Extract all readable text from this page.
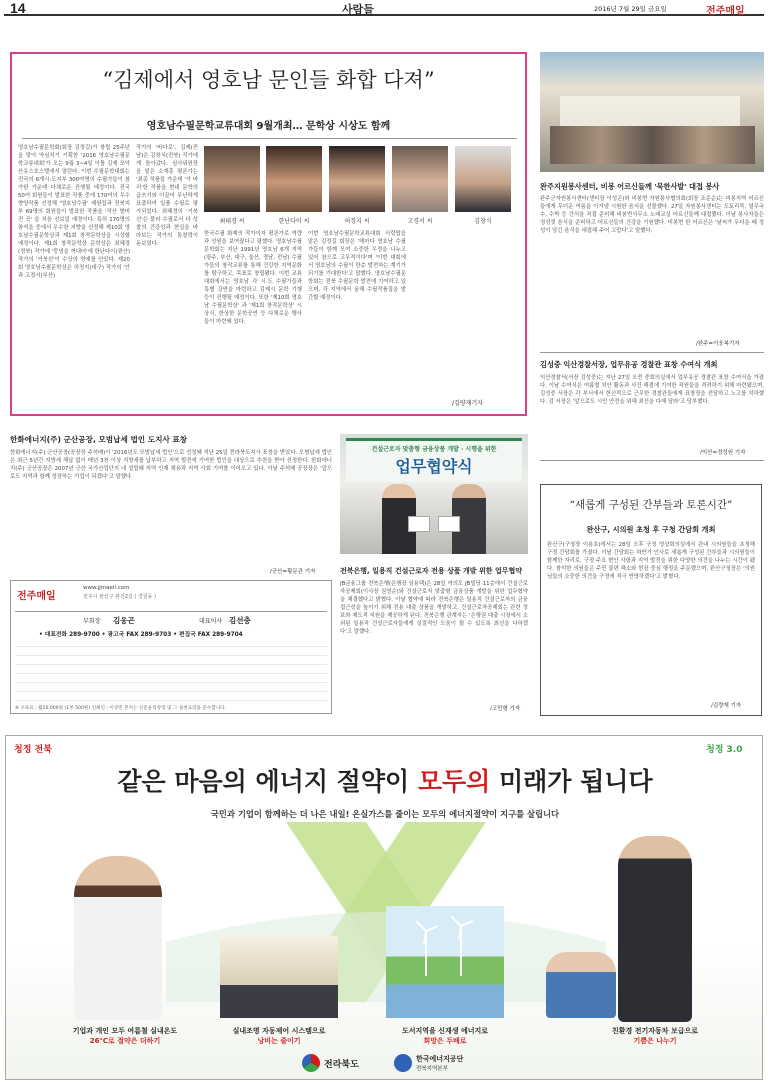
14	사람들	2016년 7월 29일 금요일	전주매일
“김제에서 영호남 문인들 화합 다져”
영호남수필문학교류대회 9월개최… 문학상 시상도 함께
영호남수필문학회(회장 김정길)가 창립 25주년을 맞아 약심처기 기획한 '2016 영호남수필문학교류대회'가 오는 9월 3~4일 이틀 김제 모악산유스호스텔에서 열린다. 이번 수필문학대회는 전국의 6개시·도지부 300여명의 수필가들이 참가한 가운데 다채로운 진행될 예정이다. 전국 50여 회원들이 발표한 작품 중에 170여의 우수 향양작품 선정해 '영호남수필' 제원집과 전북지부 69명의 회원들이 발표한 작품을 '작산 밭머 전 곳' 을 처음 선보일 예정이다. 특히 170명의 참석을 중에서 우수한 지향을 선정해 제10회 영호남수필문학상과 제1회 창작문학상을 시상할 예정이다. 제1회 창작문학상 문학상은 최혜경(경북) 작가에 '뚱냉을 꺼내어'에 한난다이(광산) 작가의 '거북선'이 수상의 영예를 안았다. 제20회 영호남수필문학상은 허정지(대구) 작가의 '안과 고경서(부산)
작가의 '바다로', 김제(전남)은 김창식(전북) 작가에게 돌아갔다. 심사위원장을 맡은 소재훈 평론가는 '최종 작품들 가운데 '가 바리'한 작품을 현대 문학의 글쓰기와 이끌어 무난하게 표출하여 일품 수필로 평가되었다. 최혜경의 '거북선'은 물러 수필로서 다 성찰의 건강성과 현실을 바라보는 작가의 통찰력이 돋보였다.
최태경 씨	한난다이 씨	허정지 씨	고경서 씨	김창식
한국수필 화제의 작가이자 평론가로 역량과 성원을 보여줬다고 평했다. 영호남수필문학회는 지난 1991년 영호남 6개 지역(광주, 부산, 대구, 울산, 경남, 전남) 수필가들의 창작교류를 통해 건강한 지역문화를 탐구하고, 목표로 창립됐다. 이번 교류대회에서는 영호남 각 시·도 수필가들과 특별 강연을 마련하고 김제시 문학 기행 등이 진행될 예정이다. 또한 '제10회 영호남 수필문학상' 과 '제1회 창작문학상' 시상식, 한상한 문학공연 등 다채로운 행사들이 마련돼 있다.
이번 영호남수필문학교류대회 사령탑을 맡은 김정길 회장은 '해마다 영호남 수필가들이 함께 모여 소중한 우정을 나누고 있어 참으로 고무적이다'며 '이번 대회에서 영호남의 수필이 한층 발전하는 계기가 되기를 기대한다'고 말했다. 영호남수필문학회는 전북 수필문학 발전에 기여하고 있으며, 각 지역에서 올해 수필작품집을 발간할 예정이다.
/김량재기자
완주지원봉사센터, 비봉 어르신들께 '묵한사발' 대접 봉사
완주군자원봉사센터(센터장 이성곤)와 비봉면 자원봉사협의회(회장 조준순)는 비봉지역 어르신들에게 무더운 여름을 이겨낼 시원한 음식을 선물했다. 27일 자원봉사센터는 도토리묵, 열무국수, 수박 등 간식을 직접 준비해 비봉면사무소 노래교실 어르신들께 대접했다. 이날 봉사자들은 정성껏 음식을 준비하고 어르신들의 건강을 기원했다. 비봉면 한 어르신은 '날씨가 무더운 때 정성이 담긴 음식을 대접해 주어 고맙다'고 말했다.
/완주=이웅복기자
김성중 익산경찰서장, 업무유공 경찰관 표창 수여식 개최
익산경찰서(서장 김성중)는 지난 27일 오전 중회의실에서 업무유공 경찰관 표창 수여식을 가졌다. 이날 수여식은 여름철 치안 활동과 사건 해결에 기여한 직원들을 격려하기 위해 마련됐으며, 김성중 서장은 각 부서에서 헌신적으로 근무한 경찰관들에게 표창장을 전달하고 노고를 치하했다. 김 서장은 '앞으로도 시민 안전을 위해 최선을 다해 달라'고 당부했다.
/익산=정성원 기자
한화에너지(주) 군산공장, 모범납세 법인 도지사 표창
한화에너지(주) 군산공장(공장장 주석배)이 '2016년도 모범납세 법인'으로 선정돼 지난 25일 전라북도지사 표창을 받았다. 모범납세 법인은 최근 5년간 지방세 체납 없이 매년 3천 이상 지방세를 납부하고 지역 발전에 기여한 법인을 대상으로 추천을 받아 선정한다. 한화에너지(주) 군산공장은 2007년 군산 국가산업단지 내 설립돼 지역 인재 채용과 지역 사회 기여를 이어오고 있다. 이날 주석배 공장장은 '앞으로도 지역과 함께 성장하는 기업이 되겠다'고 말했다.
/군산=황문관 기자
전주매일
www.jjmaeil.com
전주시 완산구 관선2길 ( 경원동 )
부회장 김웅곤	대표이사 김선충
• 대표전화 289-9700 • 광고국 FAX 289-9703 • 편집국 FAX 289-9704
※ 구독료 : 월10,000원 (1부 500원) 인쇄인 : 이상민 본지는 신문윤리강령 및 그 실천요강을 준수합니다.
건설근로자 맞춤형 금융상품 개발 · 시행을 위한
업무협약식
전북은행, 일용직 건설근로자 전용 상품 개발 위한 업무협약
JB금융그룹 전북은행(은행장 임용택)은 28일 여의도 JB빌딩 11층에서 건설근로자공제회(이사장 권영순)와 건설근로자 맞춤형 금융상품 개발을 위한 업무협약을 체결했다고 밝혔다. 이날 협약에 따라 전북은행은 일용직 건설근로자의 금융 접근성을 높이기 위해 전용 대출 상품을 개발하고, 건설근로자공제회는 관련 정보와 제도적 지원을 제공하게 된다. 전북은행 관계자는 '은행권 대출 시장에서 소외된 일용직 건설근로자들에게 실질적인 도움이 될 수 있도록 최선을 다하겠다'고 말했다.
/고민형 기자
“새롭게 구성된 간부들과 토론시간”
완산구, 시의원 초청 후 구청 간담회 개최
완산구(구청장 이용호)에서는 28일 오후 구청 영상회의실에서 관내 시의원들을 초청해 구정 간담회를 가졌다. 이날 간담회는 하반기 인사로 새롭게 구성된 간부들과 시의원들이 함께한 자리로, 구정 주요 현안 사항과 지역 발전을 위한 다양한 의견을 나누는 시간이 됐다. 참석한 의원들은 주민 불편 해소와 현장 중심 행정을 주문했으며, 완산구청장은 '의원님들의 소중한 의견을 구정에 적극 반영하겠다'고 밝혔다.
/김량재 기자
청정 전북	청정 3.0
같은 마음의 에너지 절약이 모두의 미래가 됩니다
국민과 기업이 함께하는 더 나은 내일! 온실가스를 줄이는 모두의 에너지절약이 지구를 살립니다
기업과 개인 모두 여름철 실내온도
26℃로 절약은 더하기
실내조명 자동제어 시스템으로
낭비는 줄이기
도서지역을 신재생 에너지로
희망은 두배로
친환경 전기자동차 보급으로
기쁨은 나누기
전라북도
한국에너지공단
전북지역본부
